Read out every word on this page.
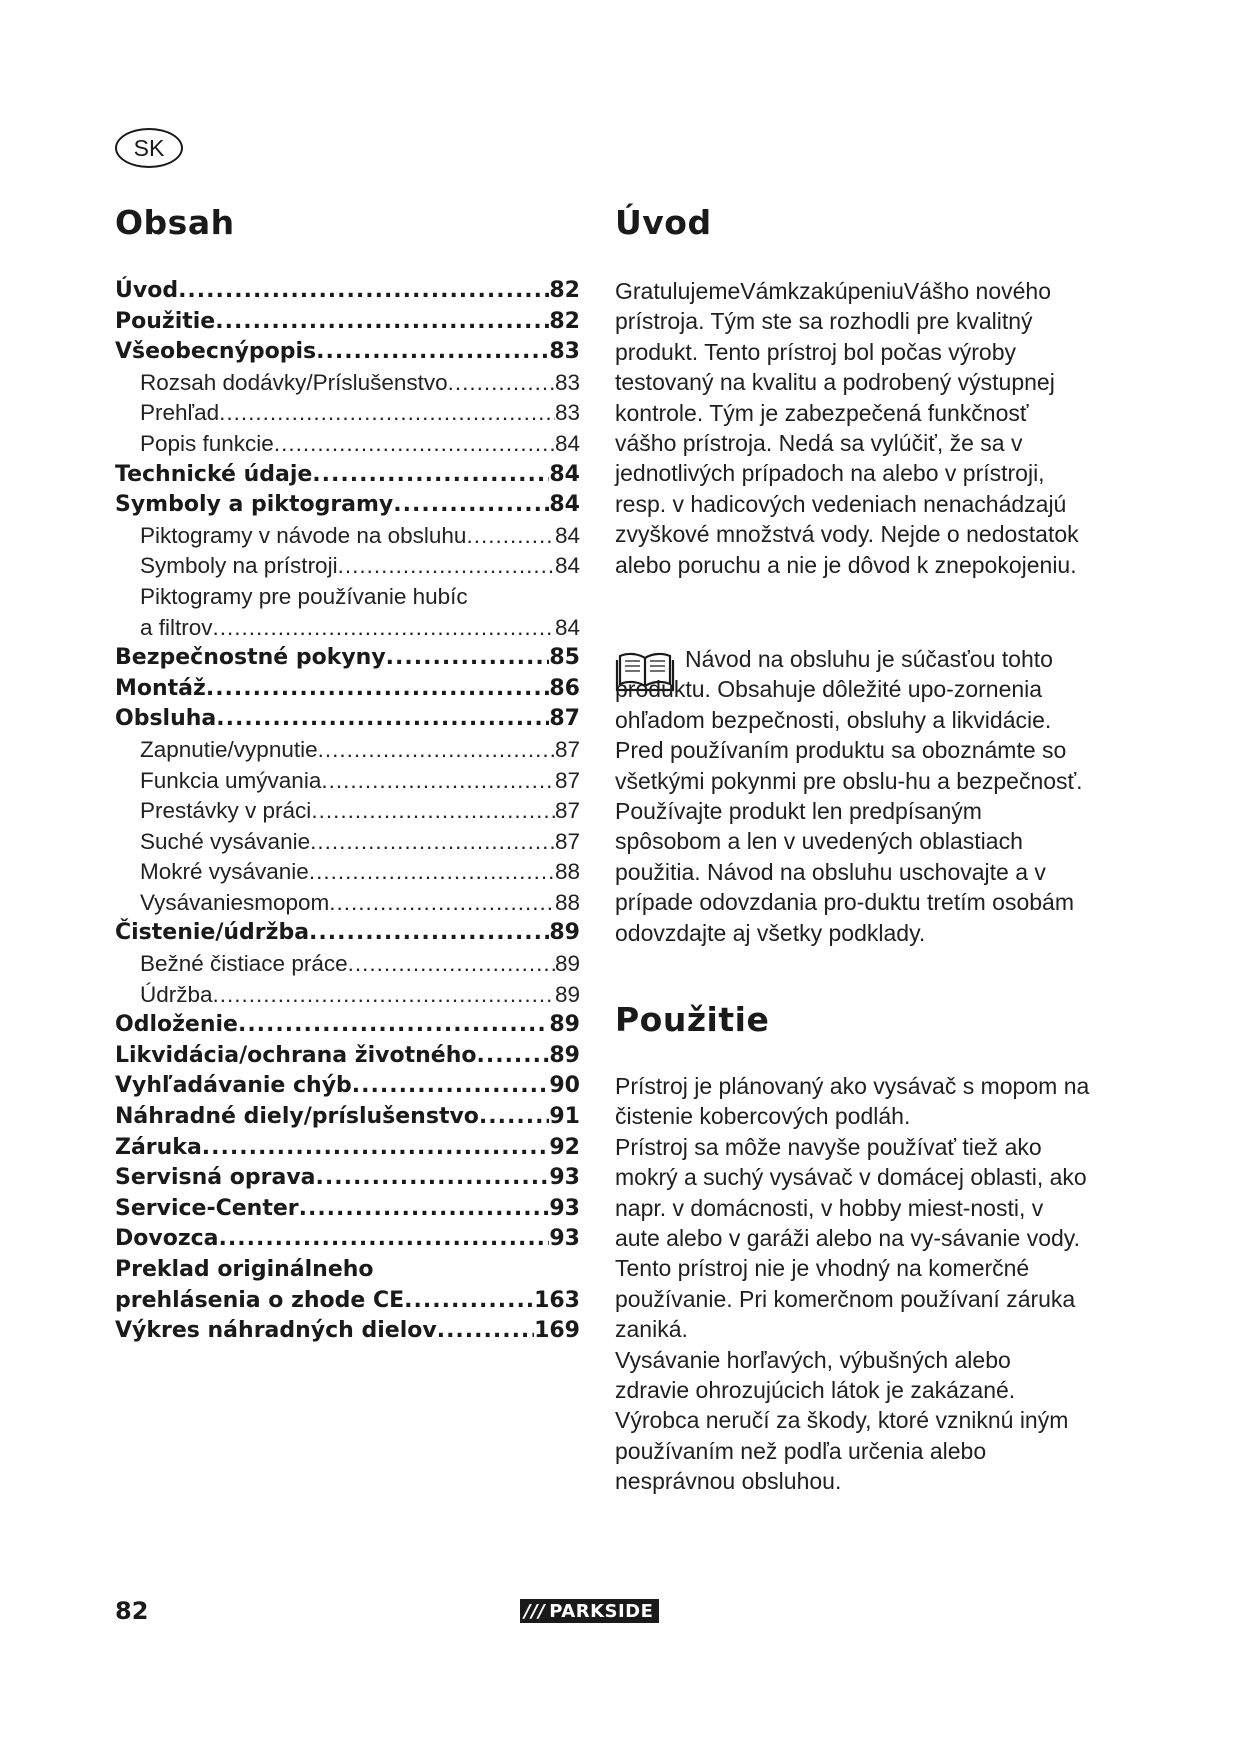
SK
Obsah
Úvod .....	82
Použitie .....	82
Všeobecnýpopis .....	83
Rozsah dodávky/Príslušenstvo .....	83
Prehľad .....	83
Popis funkcie .....	84
Technické údaje .....	84
Symboly a piktogramy .....	84
Piktogramy v návode na obsluhu .....	84
Symboly na prístroji .....	84
Piktogramy pre používanie hubíc
a filtrov .....	84
Bezpečnostné pokyny .....	85
Montáž .....	86
Obsluha .....	87
Zapnutie/vypnutie .....	87
Funkcia umývania .....	87
Prestávky v práci .....	87
Suché vysávanie .....	87
Mokré vysávanie .....	88
Vysávaniesmopom .....	88
Čistenie/údržba .....	89
Bežné čistiace práce .....	89
Údržba .....	89
Odloženie .....	89
Likvidácia/ochrana životného .....	89
Vyhľadávanie chýb .....	90
Náhradné diely/príslušenstvo .....	91
Záruka .....	92
Servisná oprava .....	93
Service-Center .....	93
Dovozca .....	93
Preklad originálneho
prehlásenia o zhode CE .....	163
Výkres náhradných dielov .....	169
Úvod

GratulujemeVámkzakúpeniuVášho nového prístroja. Tým ste sa rozhodli pre kvalitný produkt. Tento prístroj bol počas výroby testovaný na kvalitu a podrobený výstupnej kontrole. Tým je zabezpečená funkčnosť vášho prístroja. Nedá sa vylúčiť, že sa v jednotlivých prípadoch na alebo v prístroji, resp. v hadicových vedeniach nenachádzajú zvyškové množstvá vody. Nejde o nedostatok alebo poruchu a nie je dôvod k znepokojeniu.

Návod na obsluhu je súčasťou tohto produktu. Obsahuje dôležité upo-zornenia ohľadom bezpečnosti, obsluhy a likvidácie. Pred používaním produktu sa oboznámte so všetkými pokynmi pre obslu-hu a bezpečnosť. Používajte produkt len predpísaným spôsobom a len v uvedených oblastiach použitia. Návod na obsluhu uschovajte a v prípade odovzdania pro-duktu tretím osobám odovzdajte aj všetky podklady.

Použitie
Prístroj je plánovaný ako vysávač s mopom na čistenie kobercových podláh.
Prístroj sa môže navyše používať tiež ako mokrý a suchý vysávač v domácej oblasti, ako napr. v domácnosti, v hobby miest-nosti, v aute alebo v garáži alebo na vy-sávanie vody. Tento prístroj nie je vhodný na komerčné používanie. Pri komerčnom používaní záruka zaniká.
Vysávanie horľavých, výbušných alebo zdravie ohrozujúcich látok je zakázané. Výrobca neručí za škody, ktoré vzniknú iným používaním než podľa určenia alebo nesprávnou obsluhou.
82	/// PARKSIDE
